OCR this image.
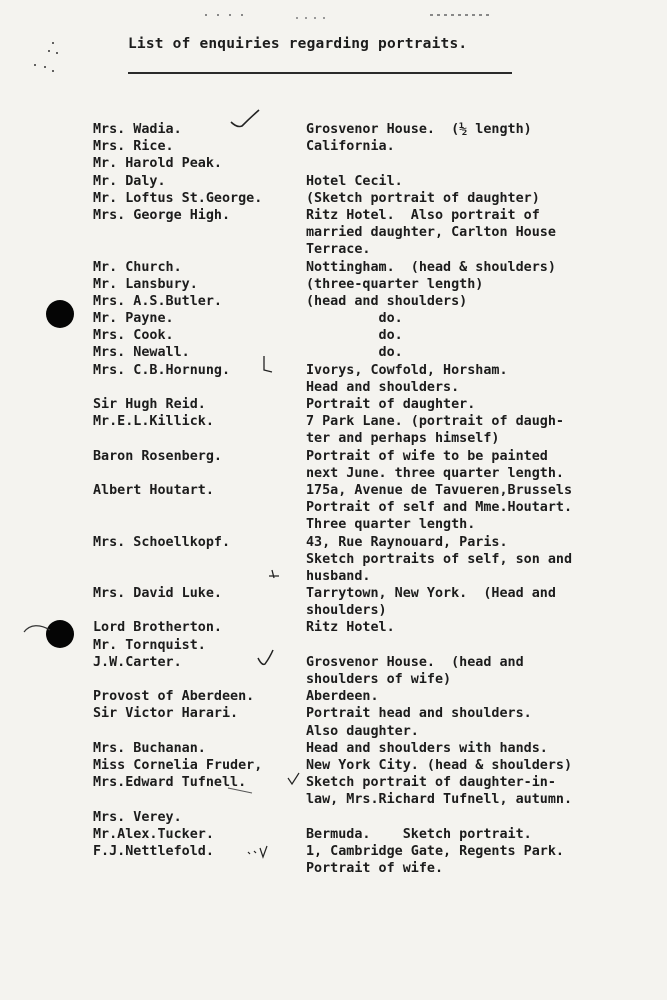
List of enquiries regarding portraits.
Mrs. Wadia.	Grosvenor House.  (½ length)
Mrs. Rice.	California.
Mr. Harold Peak.
Mr. Daly.	Hotel Cecil.
Mr. Loftus St.George.	(Sketch portrait of daughter)
Mrs. George High.	Ritz Hotel.  Also portrait of
married daughter, Carlton House
Terrace.
Mr. Church.	Nottingham.  (head & shoulders)
Mr. Lansbury.	(three-quarter length)
Mrs. A.S.Butler.	(head and shoulders)
Mr. Payne.	do.
Mrs. Cook.	do.
Mrs. Newall.	do.
Mrs. C.B.Hornung.	Ivorys, Cowfold, Horsham.
Head and shoulders.
Sir Hugh Reid.	Portrait of daughter.
Mr.E.L.Killick.	7 Park Lane. (portrait of daugh-
ter and perhaps himself)
Baron Rosenberg.	Portrait of wife to be painted
next June. three quarter length.
Albert Houtart.	175a, Avenue de Tavueren,Brussels
Portrait of self and Mme.Houtart.
Three quarter length.
Mrs. Schoellkopf.	43, Rue Raynouard, Paris.
Sketch portraits of self, son and
husband.
Mrs. David Luke.	Tarrytown, New York.  (Head and
shoulders)
Lord Brotherton.	Ritz Hotel.
Mr. Tornquist.
J.W.Carter.	Grosvenor House.  (head and
shoulders of wife)
Provost of Aberdeen.	Aberdeen.
Sir Victor Harari.	Portrait head and shoulders.
Also daughter.
Mrs. Buchanan.	Head and shoulders with hands.
Miss Cornelia Fruder,	New York City. (head & shoulders)
Mrs.Edward Tufnell.	Sketch portrait of daughter-in-
law, Mrs.Richard Tufnell, autumn.
Mrs. Verey.
Mr.Alex.Tucker.	Bermuda.    Sketch portrait.
F.J.Nettlefold.	1, Cambridge Gate, Regents Park.
Portrait of wife.
